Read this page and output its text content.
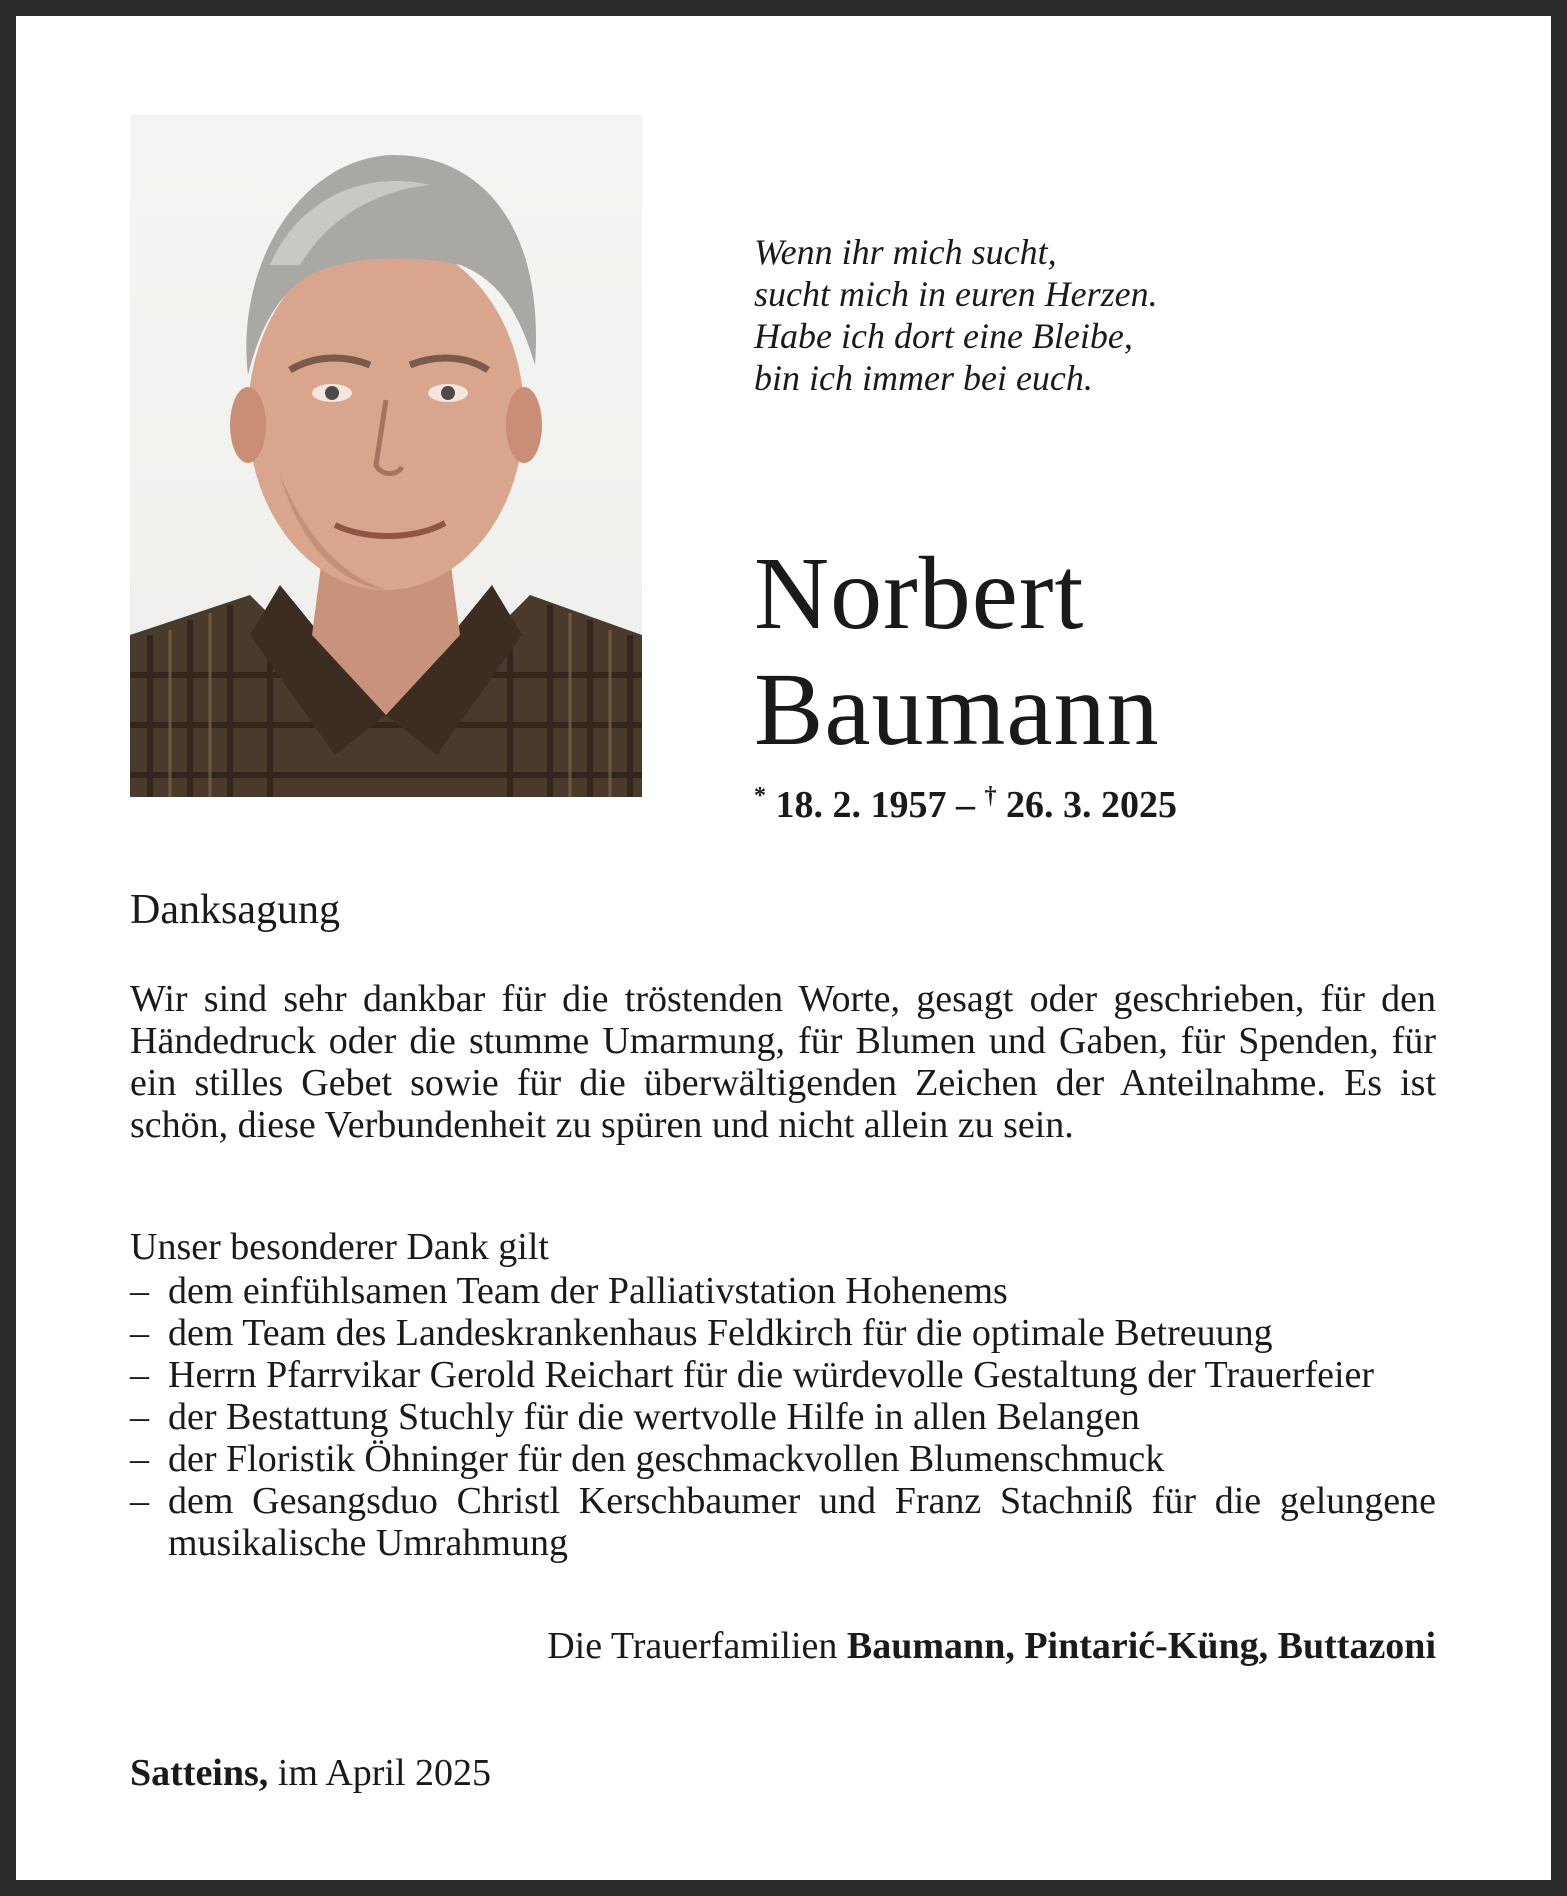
Wenn ihr mich sucht,
sucht mich in euren Herzen.
Habe ich dort eine Bleibe,
bin ich immer bei euch.
Norbert
Baumann
* 18. 2. 1957 – † 26. 3. 2025
Danksagung
Wir sind sehr dankbar für die tröstenden Worte, gesagt oder geschrieben, für den Händedruck oder die stumme Umarmung, für Blumen und Gaben, für Spenden, für ein stilles Gebet sowie für die überwältigenden Zeichen der Anteilnahme. Es ist schön, diese Verbundenheit zu spüren und nicht allein zu sein.
Unser besonderer Dank gilt
– dem einfühlsamen Team der Palliativstation Hohenems
– dem Team des Landeskrankenhaus Feldkirch für die optimale Betreuung
– Herrn Pfarrvikar Gerold Reichart für die würdevolle Gestaltung der Trauerfeier
– der Bestattung Stuchly für die wertvolle Hilfe in allen Belangen
– der Floristik Öhninger für den geschmackvollen Blumenschmuck
– dem Gesangsduo Christl Kerschbaumer und Franz Stachniß für die gelungene musikalische Umrahmung
Die Trauerfamilien Baumann, Pintarić-Küng, Buttazoni
Satteins, im April 2025
